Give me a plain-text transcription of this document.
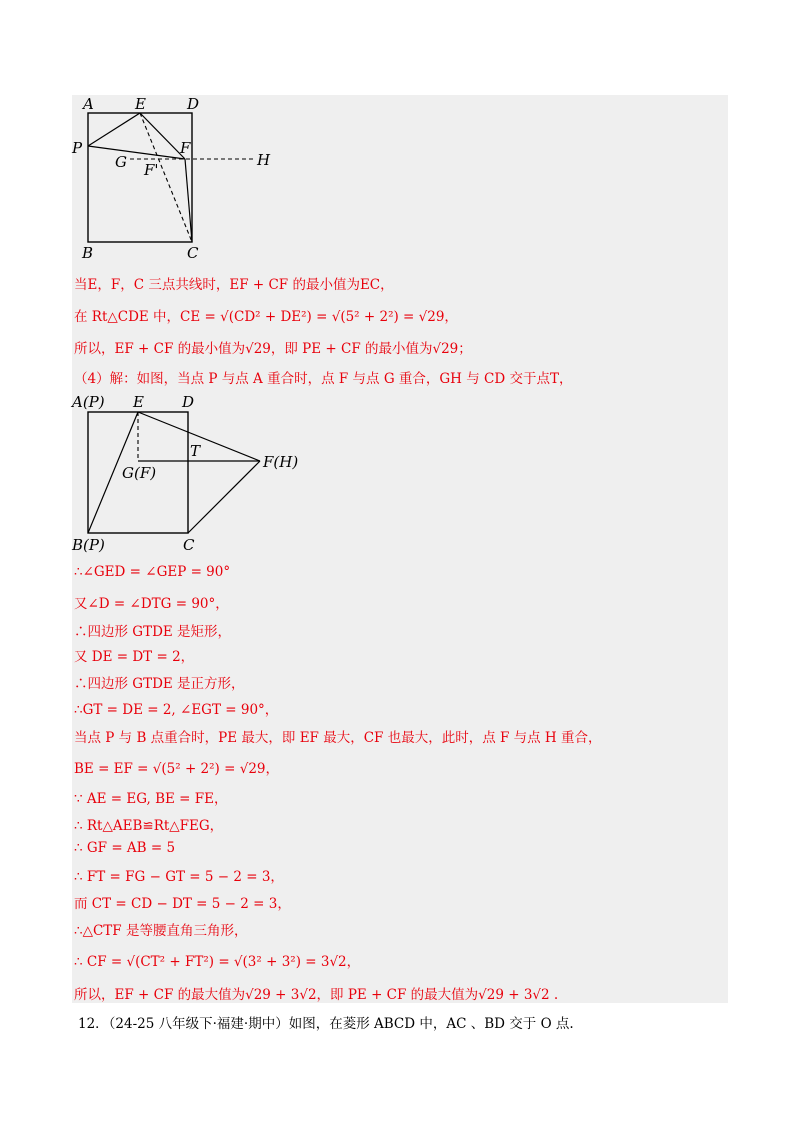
A	E	D
P	F
G F'
H
B	C
当E，F，C 三点共线时，EF + CF 的最小值为EC，
在 Rt△CDE 中，CE = √(CD² + DE²) = √(5² + 2²) = √29，
所以，EF + CF 的最小值为√29，即 PE + CF 的最小值为√29；
（4）解：如图，当点 P 与点 A 重合时，点 F 与点 G 重合，GH 与 CD 交于点T，
A(P) E	D
T
G(F)
F(H)
B(P)	C
∴∠GED = ∠GEP = 90°
又∠D = ∠DTG = 90°，
∴四边形 GTDE 是矩形，
又 DE = DT = 2，
∴四边形 GTDE 是正方形，
∴GT = DE = 2, ∠EGT = 90°，
当点 P 与 B 点重合时，PE 最大，即 EF 最大，CF 也最大，此时，点 F 与点 H 重合，
BE = EF = √(5² + 2²) = √29，
∵ AE = EG, BE = FE，
∴ Rt△AEB≌Rt△FEG，
∴ GF = AB = 5
∴ FT = FG − GT = 5 − 2 = 3，
而 CT = CD − DT = 5 − 2 = 3，
∴△CTF 是等腰直角三角形，
∴ CF = √(CT² + FT²) = √(3² + 3²) = 3√2，
所以，EF + CF 的最大值为√29 + 3√2，即 PE + CF 的最大值为√29 + 3√2 .
12．（24-25 八年级下·福建·期中）如图，在菱形 ABCD 中，AC 、BD 交于 O 点.
